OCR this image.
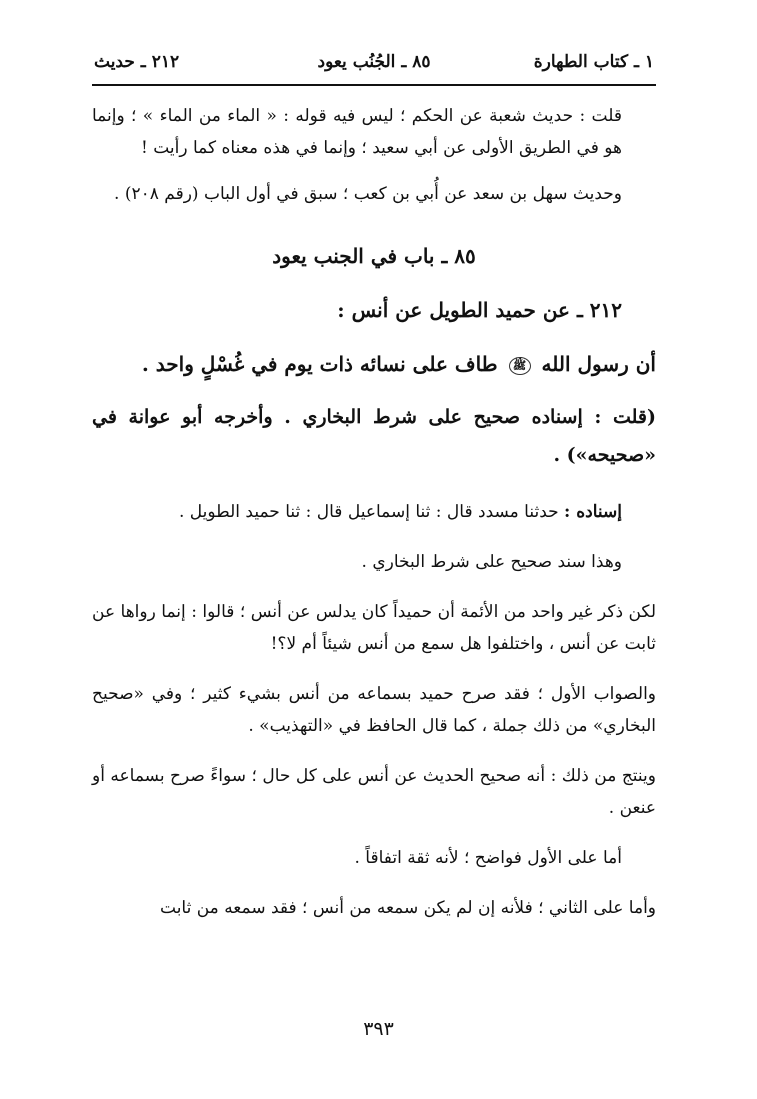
١ ـ كتاب الطهارة
٨٥ ـ الجُنُب يعود
٢١٢ ـ حديث

قلت : حديث شعبة عن الحكم ؛ ليس فيه قوله : « الماء من الماء » ؛ وإنما هو في الطريق الأولى عن أبي سعيد ؛ وإنما في هذه معناه كما رأيت !

وحديث سهل بن سعد عن أُبي بن كعب ؛ سبق في أول الباب (رقم ٢٠٨) .

٨٥ ـ باب في الجنب يعود
٢١٢ ـ عن حميد الطويل عن أنس :
أن رسول الله ﷺ طاف على نسائه ذات يوم في غُسْلٍ واحد .
(قلت : إسناده صحيح على شرط البخاري . وأخرجه أبو عوانة في «صحيحه») .

إسناده : حدثنا مسدد قال : ثنا إسماعيل قال : ثنا حميد الطويل .

وهذا سند صحيح على شرط البخاري .

لكن ذكر غير واحد من الأئمة أن حميداً كان يدلس عن أنس ؛ قالوا : إنما رواها عن ثابت عن أنس ، واختلفوا هل سمع من أنس شيئاً أم لا؟!

والصواب الأول ؛ فقد صرح حميد بسماعه من أنس بشيء كثير ؛ وفي «صحيح البخاري» من ذلك جملة ، كما قال الحافظ في «التهذيب» .

وينتج من ذلك : أنه صحيح الحديث عن أنس على كل حال ؛ سواءً صرح بسماعه أو عنعن .

أما على الأول فواضح ؛ لأنه ثقة اتفاقاً .

وأما على الثاني ؛ فلأنه إن لم يكن سمعه من أنس ؛ فقد سمعه من ثابت

٣٩٣
